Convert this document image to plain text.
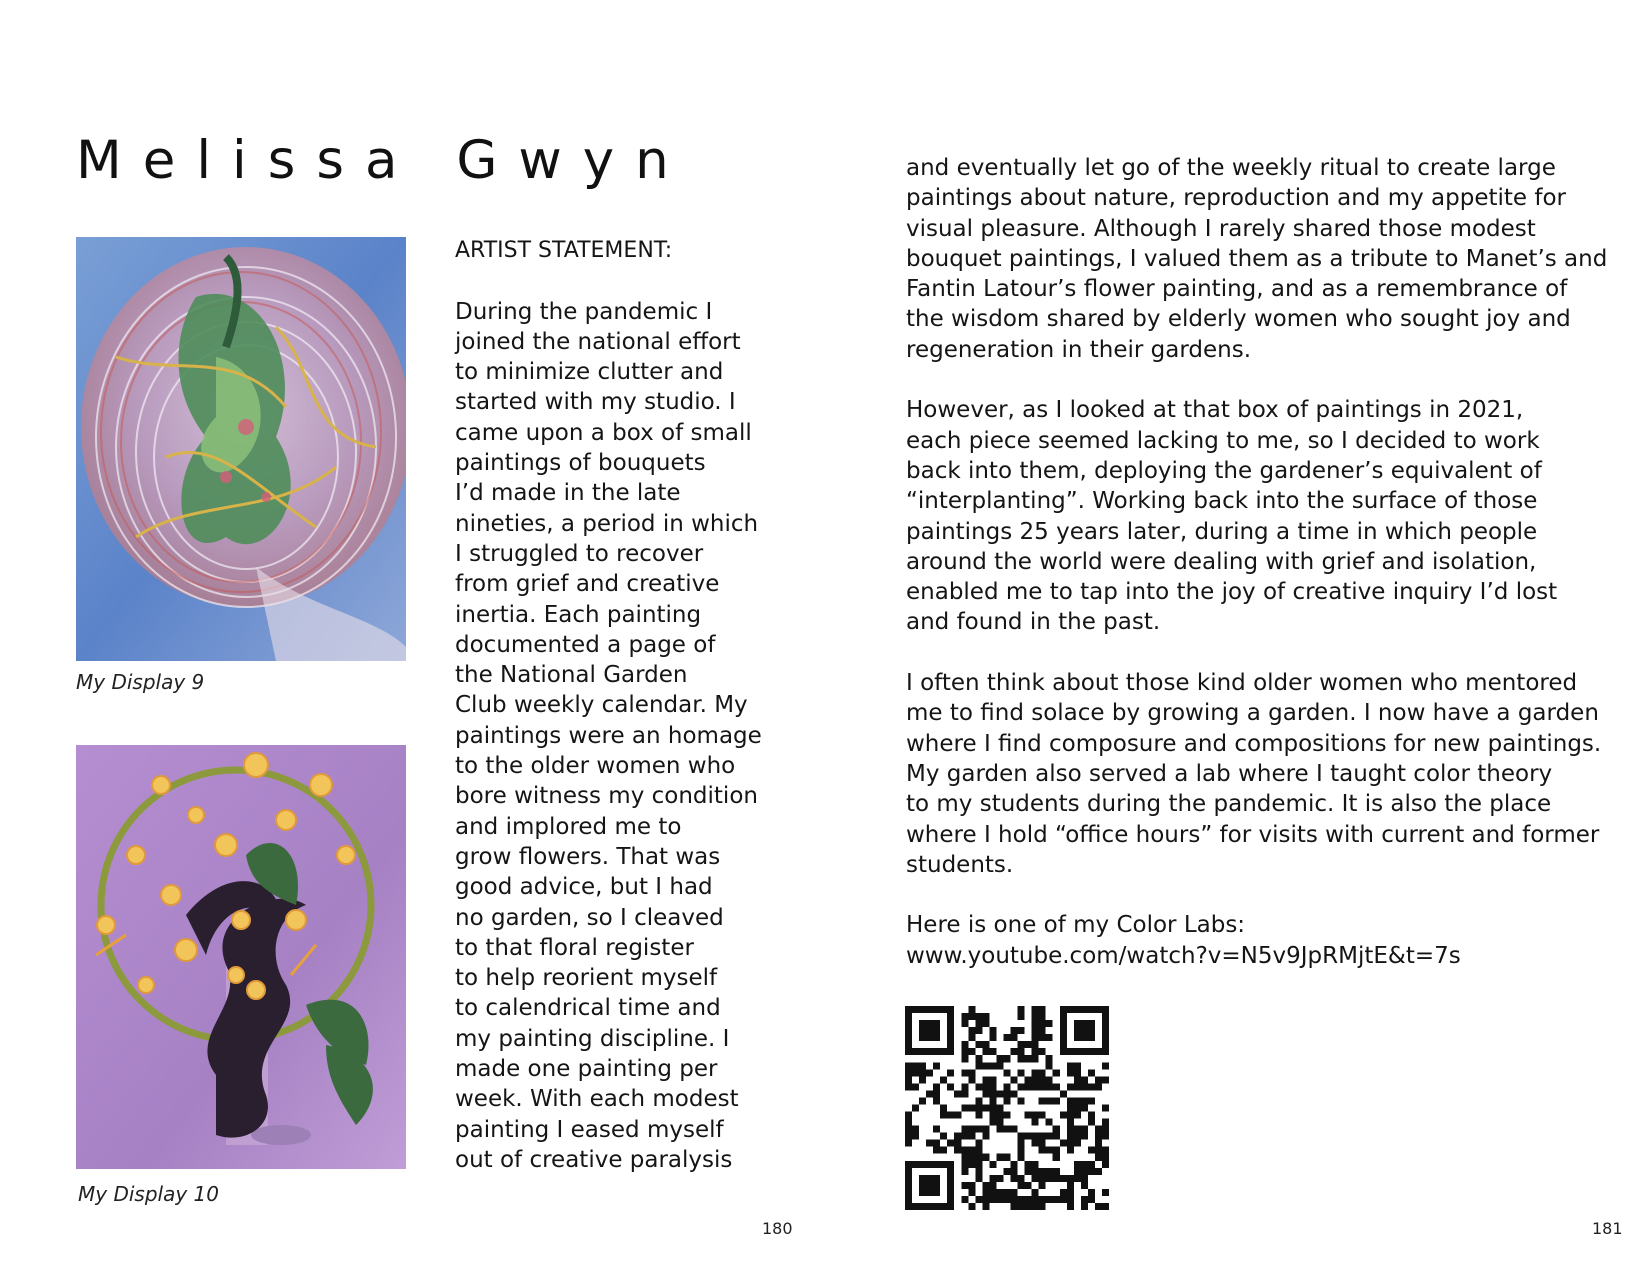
Melissa Gwyn
My Display 9
My Display 10
ARTIST STATEMENT:
During the pandemic I
joined the national effort
to minimize clutter and
started with my studio. I
came upon a box of small
paintings of bouquets
I’d made in the late
nineties, a period in which
I struggled to recover
from grief and creative
inertia. Each painting
documented a page of
the National Garden
Club weekly calendar. My
paintings were an homage
to the older women who
bore witness my condition
and implored me to
grow flowers. That was
good advice, but I had
no garden, so I cleaved
to that floral register
to help reorient myself
to calendrical time and
my painting discipline. I
made one painting per
week. With each modest
painting I eased myself
out of creative paralysis
and eventually let go of the weekly ritual to create large
paintings about nature, reproduction and my appetite for
visual pleasure. Although I rarely shared those modest
bouquet paintings, I valued them as a tribute to Manet’s and
Fantin Latour’s flower painting, and as a remembrance of
the wisdom shared by elderly women who sought joy and
regeneration in their gardens.
However, as I looked at that box of paintings in 2021,
each piece seemed lacking to me, so I decided to work
back into them, deploying the gardener’s equivalent of
“interplanting”. Working back into the surface of those
paintings 25 years later, during a time in which people
around the world were dealing with grief and isolation,
enabled me to tap into the joy of creative inquiry I’d lost
and found in the past.
I often think about those kind older women who mentored
me to find solace by growing a garden. I now have a garden
where I find composure and compositions for new paintings.
My garden also served a lab where I taught color theory
to my students during the pandemic. It is also the place
where I hold “office hours” for visits with current and former
students.
Here is one of my Color Labs:
www.youtube.com/watch?v=N5v9JpRMjtE&t=7s
180	181
